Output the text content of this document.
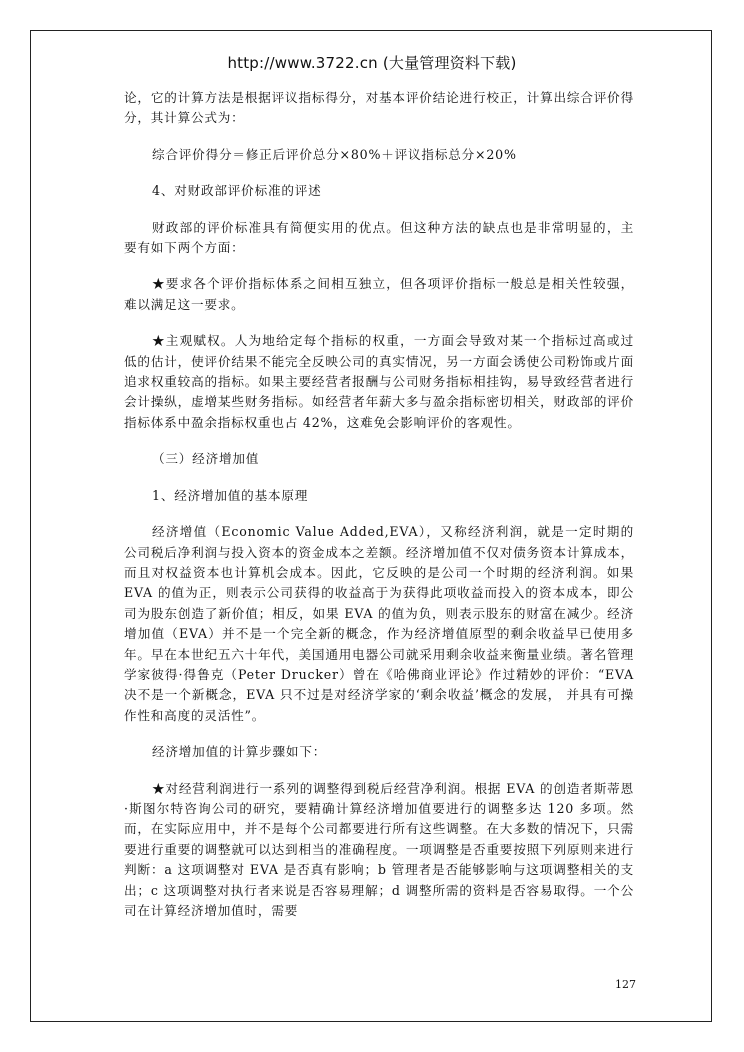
http://www.3722.cn (大量管理资料下载)

论，它的计算方法是根据评议指标得分，对基本评价结论进行校正，计算出综合评价得分，其计算公式为：

综合评价得分＝修正后评价总分×80%＋评议指标总分×20%

4、对财政部评价标准的评述

财政部的评价标准具有简便实用的优点。但这种方法的缺点也是非常明显的，主要有如下两个方面：

★要求各个评价指标体系之间相互独立，但各项评价指标一般总是相关性较强，难以满足这一要求。

★主观赋权。人为地给定每个指标的权重，一方面会导致对某一个指标过高或过低的估计，使评价结果不能完全反映公司的真实情况，另一方面会诱使公司粉饰或片面追求权重较高的指标。如果主要经营者报酬与公司财务指标相挂钩，易导致经营者进行会计操纵，虚增某些财务指标。如经营者年薪大多与盈余指标密切相关，财政部的评价指标体系中盈余指标权重也占 42%，这难免会影响评价的客观性。

（三）经济增加值

1、经济增加值的基本原理

经济增值（Economic Value Added,EVA），又称经济利润，就是一定时期的公司税后净利润与投入资本的资金成本之差额。经济增加值不仅对债务资本计算成本，而且对权益资本也计算机会成本。因此，它反映的是公司一个时期的经济利润。如果 EVA 的值为正，则表示公司获得的收益高于为获得此项收益而投入的资本成本，即公司为股东创造了新价值；相反，如果 EVA 的值为负，则表示股东的财富在减少。经济增加值（EVA）并不是一个完全新的概念，作为经济增值原型的剩余收益早已使用多年。早在本世纪五六十年代，美国通用电器公司就采用剩余收益来衡量业绩。著名管理学家彼得·得鲁克（Peter Drucker）曾在《哈佛商业评论》作过精妙的评价：“EVA 决不是一个新概念，EVA 只不过是对经济学家的‘剩余收益’概念的发展， 并具有可操作性和高度的灵活性”。

经济增加值的计算步骤如下：

★对经营利润进行一系列的调整得到税后经营净利润。根据 EVA 的创造者斯蒂恩·斯图尔特咨询公司的研究，要精确计算经济增加值要进行的调整多达 120 多项。然而，在实际应用中，并不是每个公司都要进行所有这些调整。在大多数的情况下，只需要进行重要的调整就可以达到相当的准确程度。一项调整是否重要按照下列原则来进行判断：a 这项调整对 EVA 是否真有影响；b 管理者是否能够影响与这项调整相关的支出；c 这项调整对执行者来说是否容易理解；d 调整所需的资料是否容易取得。一个公司在计算经济增加值时，需要

127
